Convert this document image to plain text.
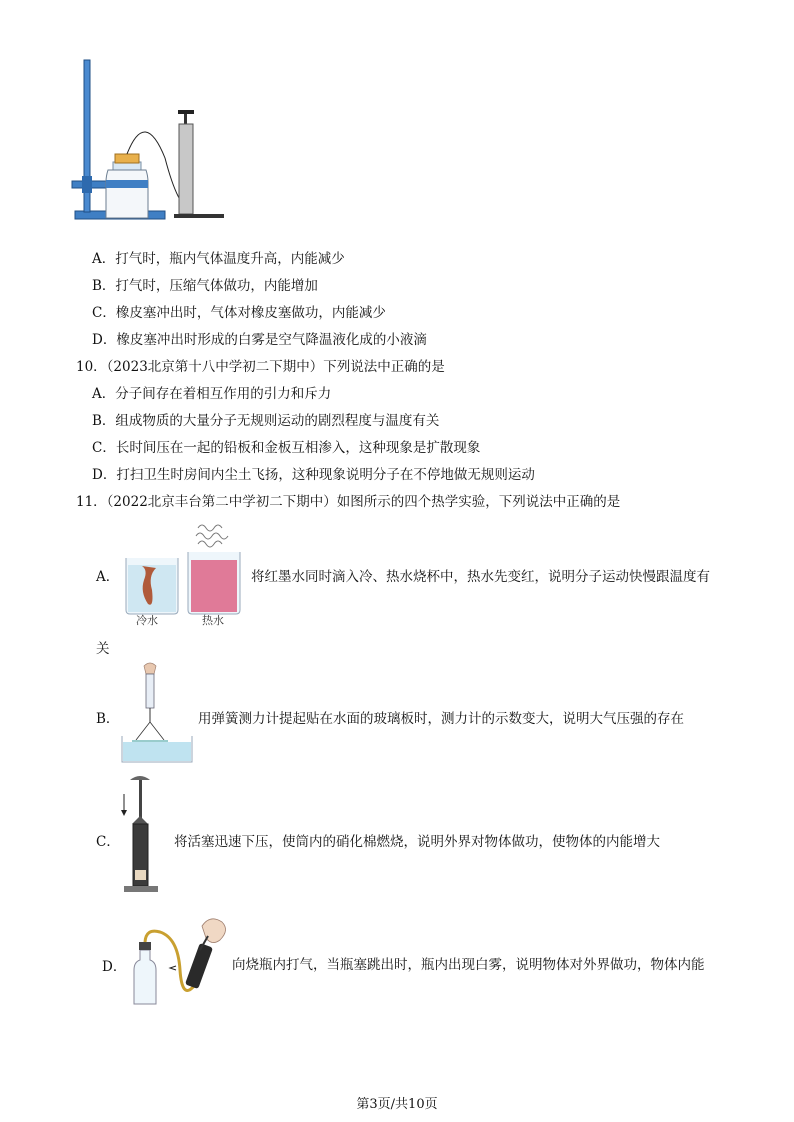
A．打气时，瓶内气体温度升高，内能减少
B．打气时，压缩气体做功，内能增加
C．橡皮塞冲出时，气体对橡皮塞做功，内能减少
D．橡皮塞冲出时形成的白雾是空气降温液化成的小液滴
10．（2023北京第十八中学初二下期中）下列说法中正确的是
A．分子间存在着相互作用的引力和斥力
B．组成物质的大量分子无规则运动的剧烈程度与温度有关
C．长时间压在一起的铅板和金板互相渗入，这种现象是扩散现象
D．打扫卫生时房间内尘土飞扬，这种现象说明分子在不停地做无规则运动
11．（2022北京丰台第二中学初二下期中）如图所示的四个热学实验，下列说法中正确的是
A．
冷水	热水
将红墨水同时滴入冷、热水烧杯中，热水先变红，说明分子运动快慢跟温度有
关
B．	用弹簧测力计提起贴在水面的玻璃板时，测力计的示数变大，说明大气压强的存在
C．	将活塞迅速下压，使筒内的硝化棉燃烧，说明外界对物体做功，使物体的内能增大
D．	向烧瓶内打气，当瓶塞跳出时，瓶内出现白雾，说明物体对外界做功，物体内能
第3页/共10页
